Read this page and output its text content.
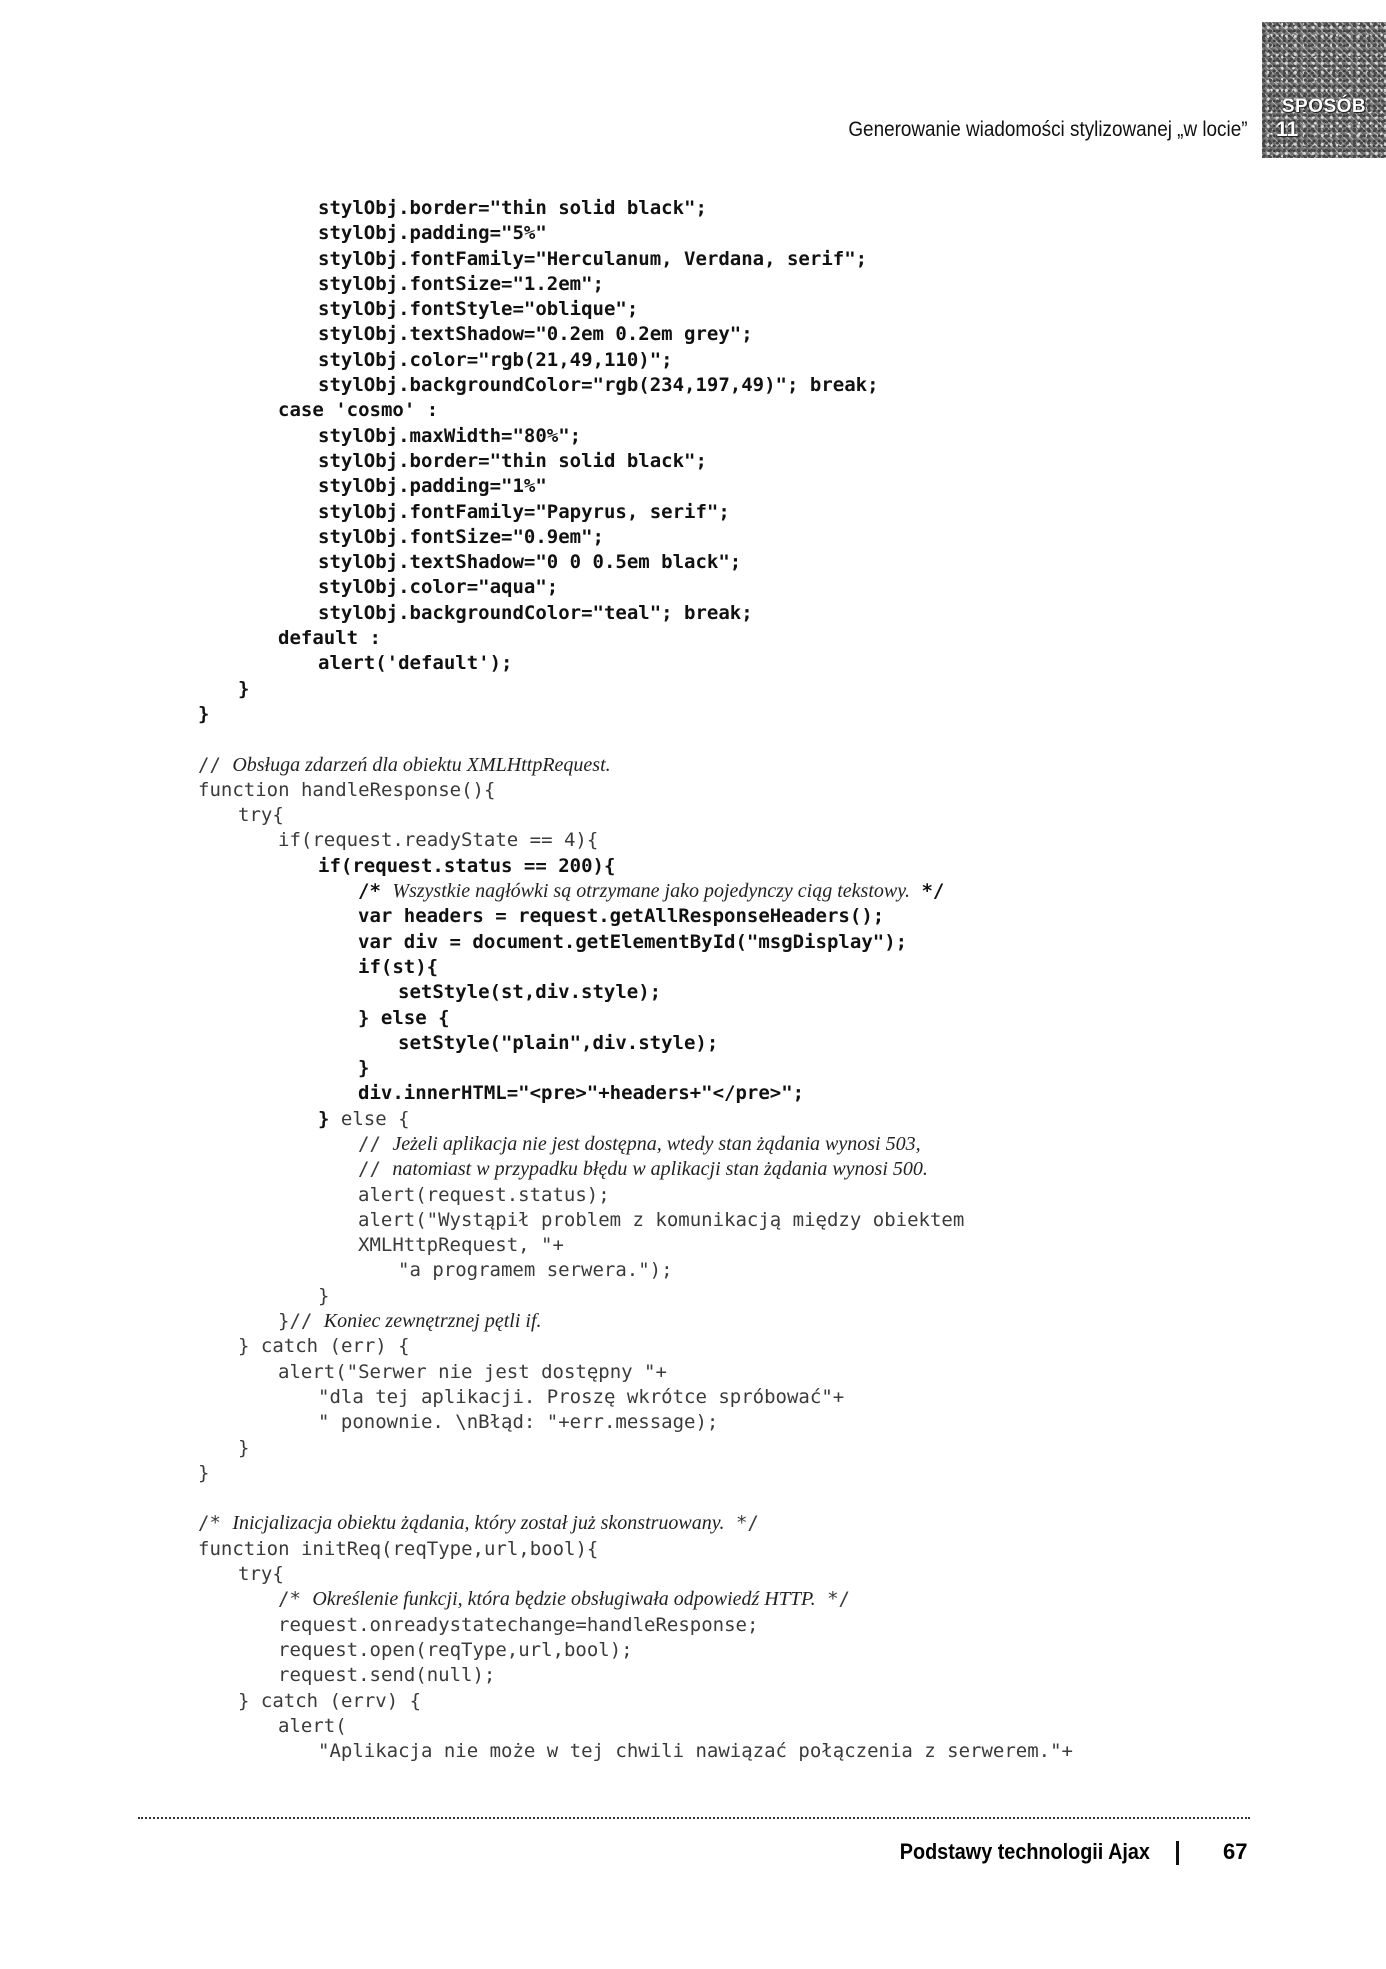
Generowanie wiadomości stylizowanej „w locie”
SPOSÓB
11
stylObj.border="thin solid black";
stylObj.padding="5%"
stylObj.fontFamily="Herculanum, Verdana, serif";
stylObj.fontSize="1.2em";
stylObj.fontStyle="oblique";
stylObj.textShadow="0.2em 0.2em grey";
stylObj.color="rgb(21,49,110)";
stylObj.backgroundColor="rgb(234,197,49)"; break;
case 'cosmo' :
stylObj.maxWidth="80%";
stylObj.border="thin solid black";
stylObj.padding="1%"
stylObj.fontFamily="Papyrus, serif";
stylObj.fontSize="0.9em";
stylObj.textShadow="0 0 0.5em black";
stylObj.color="aqua";
stylObj.backgroundColor="teal"; break;
default :
alert('default');
}
}
// Obsługa zdarzeń dla obiektu XMLHttpRequest.
function handleResponse(){
try{
if(request.readyState == 4){
if(request.status == 200){
/* Wszystkie nagłówki są otrzymane jako pojedynczy ciąg tekstowy. */
var headers = request.getAllResponseHeaders();
var div = document.getElementById("msgDisplay");
if(st){
setStyle(st,div.style);
} else {
setStyle("plain",div.style);
}
div.innerHTML="<pre>"+headers+"</pre>";
} else {
// Jeżeli aplikacja nie jest dostępna, wtedy stan żądania wynosi 503,
// natomiast w przypadku błędu w aplikacji stan żądania wynosi 500.
alert(request.status);
alert("Wystąpił problem z komunikacją między obiektem
XMLHttpRequest, "+
"a programem serwera.");
}
}// Koniec zewnętrznej pętli if.
} catch (err) {
alert("Serwer nie jest dostępny "+
"dla tej aplikacji. Proszę wkrótce spróbować"+
" ponownie. \nBłąd: "+err.message);
}
}
/* Inicjalizacja obiektu żądania, który został już skonstruowany. */
function initReq(reqType,url,bool){
try{
/* Określenie funkcji, która będzie obsługiwała odpowiedź HTTP. */
request.onreadystatechange=handleResponse;
request.open(reqType,url,bool);
request.send(null);
} catch (errv) {
alert(
"Aplikacja nie może w tej chwili nawiązać połączenia z serwerem."+
Podstawy technologii Ajax	67
